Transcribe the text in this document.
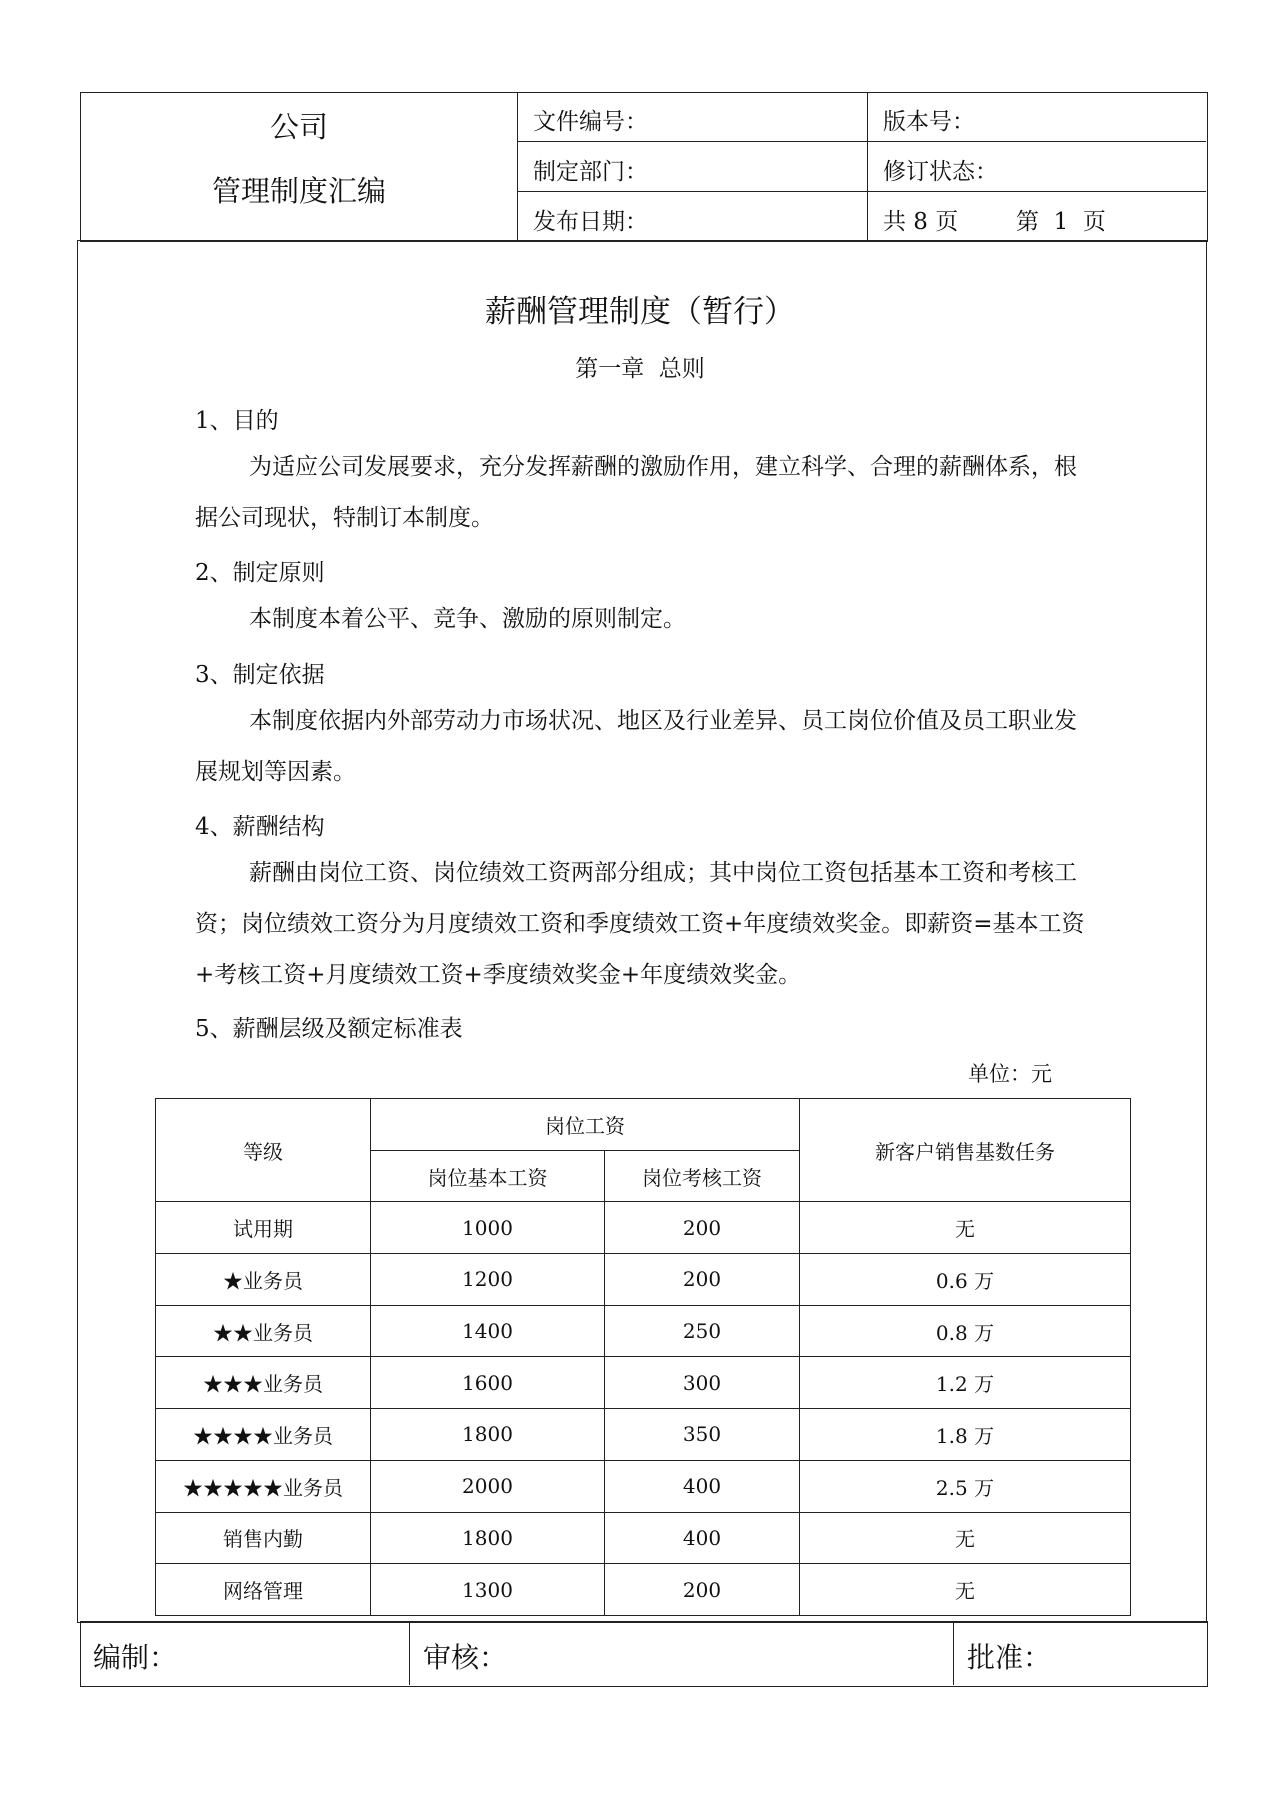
公司
管理制度汇编
文件编号：	版本号：
制定部门：	修订状态：
发布日期：	共 8 页	第  1  页
薪酬管理制度（暂行）
第一章  总则
1、目的
为适应公司发展要求，充分发挥薪酬的激励作用，建立科学、合理的薪酬体系，根据公司现状，特制订本制度。
2、制定原则
本制度本着公平、竞争、激励的原则制定。
3、制定依据
本制度依据内外部劳动力市场状况、地区及行业差异、员工岗位价值及员工职业发展规划等因素。
4、薪酬结构
薪酬由岗位工资、岗位绩效工资两部分组成；其中岗位工资包括基本工资和考核工资；岗位绩效工资分为月度绩效工资和季度绩效工资+年度绩效奖金。即薪资=基本工资+考核工资+月度绩效工资+季度绩效奖金+年度绩效奖金。
5、薪酬层级及额定标准表
单位：元
等级	岗位工资		新客户销售基数任务
	岗位基本工资	岗位考核工资	
试用期	1000	200	无
★业务员	1200	200	0.6 万
★★业务员	1400	250	0.8 万
★★★业务员	1600	300	1.2 万
★★★★业务员	1800	350	1.8 万
★★★★★业务员	2000	400	2.5 万
销售内勤	1800	400	无
网络管理	1300	200	无
编制：	审核：	批准：
